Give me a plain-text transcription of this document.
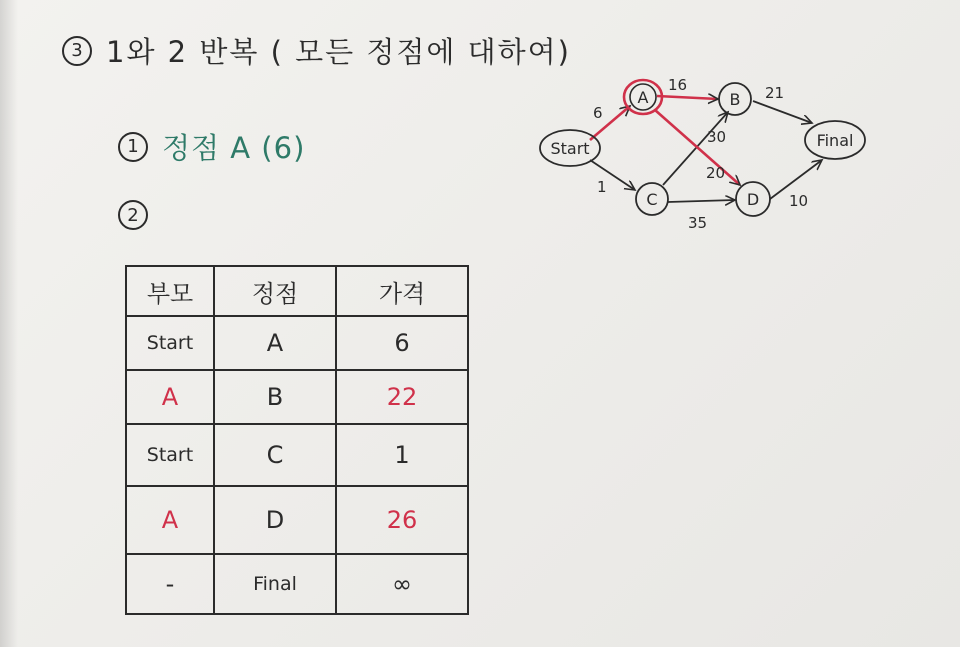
3 1와 2 반복 ( 모든 정점에 대하여)
1 정점 A (6)
2
Start
A	B
C	D
Final
6
1
16
20
30
35
21
10
부모	정점	가격
Start	A	6
A	B	22
Start	C	1
A	D	26
-	Final	∞
